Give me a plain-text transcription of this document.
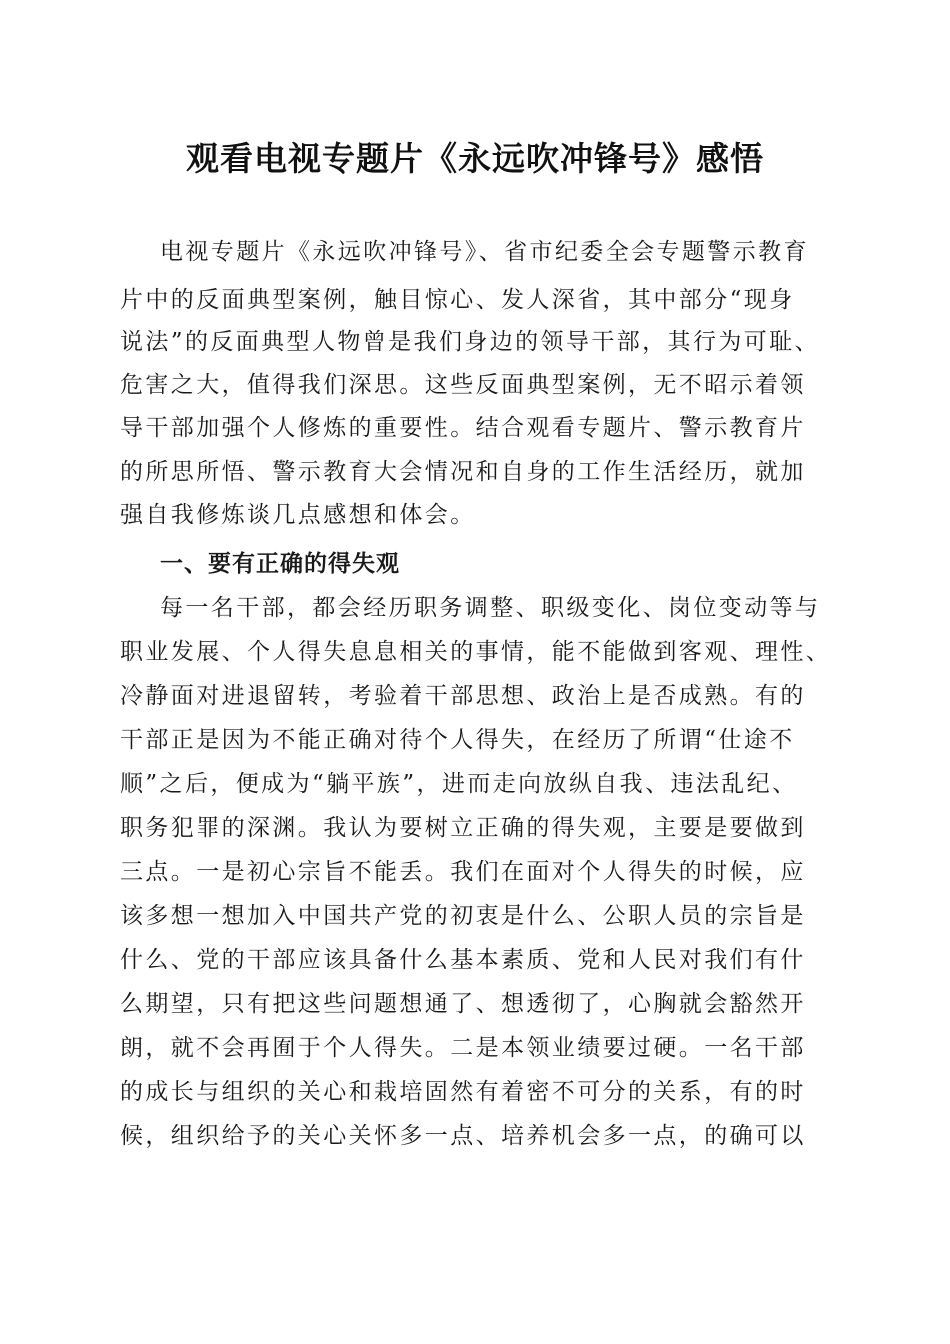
观看电视专题片《永远吹冲锋号》感悟

电视专题片《永远吹冲锋号》、省市纪委全会专题警示教育

片中的反面典型案例，触目惊心、发人深省，其中部分“现身

说法”的反面典型人物曾是我们身边的领导干部，其行为可耻、

危害之大，值得我们深思。这些反面典型案例，无不昭示着领

导干部加强个人修炼的重要性。结合观看专题片、警示教育片

的所思所悟、警示教育大会情况和自身的工作生活经历，就加

强自我修炼谈几点感想和体会。

一、要有正确的得失观

每一名干部，都会经历职务调整、职级变化、岗位变动等与

职业发展、个人得失息息相关的事情，能不能做到客观、理性、

冷静面对进退留转，考验着干部思想、政治上是否成熟。有的

干部正是因为不能正确对待个人得失，在经历了所谓“仕途不

顺”之后，便成为“躺平族”，进而走向放纵自我、违法乱纪、

职务犯罪的深渊。我认为要树立正确的得失观，主要是要做到

三点。一是初心宗旨不能丢。我们在面对个人得失的时候，应

该多想一想加入中国共产党的初衷是什么、公职人员的宗旨是

什么、党的干部应该具备什么基本素质、党和人民对我们有什

么期望，只有把这些问题想通了、想透彻了，心胸就会豁然开

朗，就不会再囿于个人得失。二是本领业绩要过硬。一名干部

的成长与组织的关心和栽培固然有着密不可分的关系，有的时

候，组织给予的关心关怀多一点、培养机会多一点，的确可以
